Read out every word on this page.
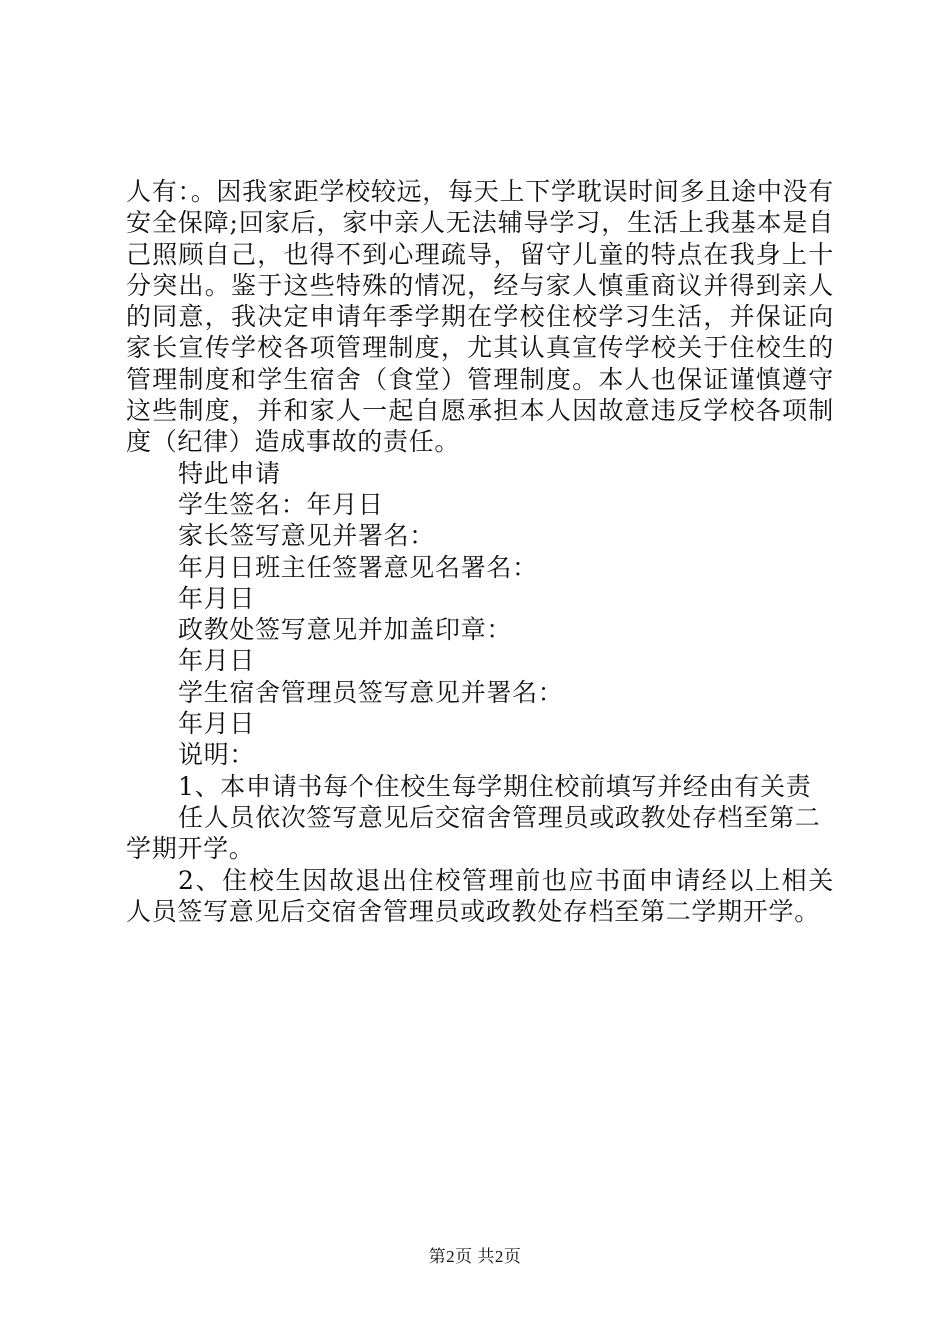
人有：。因我家距学校较远，每天上下学耽误时间多且途中没有安全保障;回家后，家中亲人无法辅导学习，生活上我基本是自己照顾自己，也得不到心理疏导，留守儿童的特点在我身上十分突出。鉴于这些特殊的情况，经与家人慎重商议并得到亲人的同意，我决定申请年季学期在学校住校学习生活，并保证向家长宣传学校各项管理制度，尤其认真宣传学校关于住校生的管理制度和学生宿舍（食堂）管理制度。本人也保证谨慎遵守这些制度，并和家人一起自愿承担本人因故意违反学校各项制度（纪律）造成事故的责任。

特此申请

学生签名：年月日

家长签写意见并署名：

年月日班主任签署意见名署名：

年月日

政教处签写意见并加盖印章：

年月日

学生宿舍管理员签写意见并署名：

年月日

说明：

1、本申请书每个住校生每学期住校前填写并经由有关责

任人员依次签写意见后交宿舍管理员或政教处存档至第二

学期开学。

2、住校生因故退出住校管理前也应书面申请经以上相关人员签写意见后交宿舍管理员或政教处存档至第二学期开学。

第2页 共2页
